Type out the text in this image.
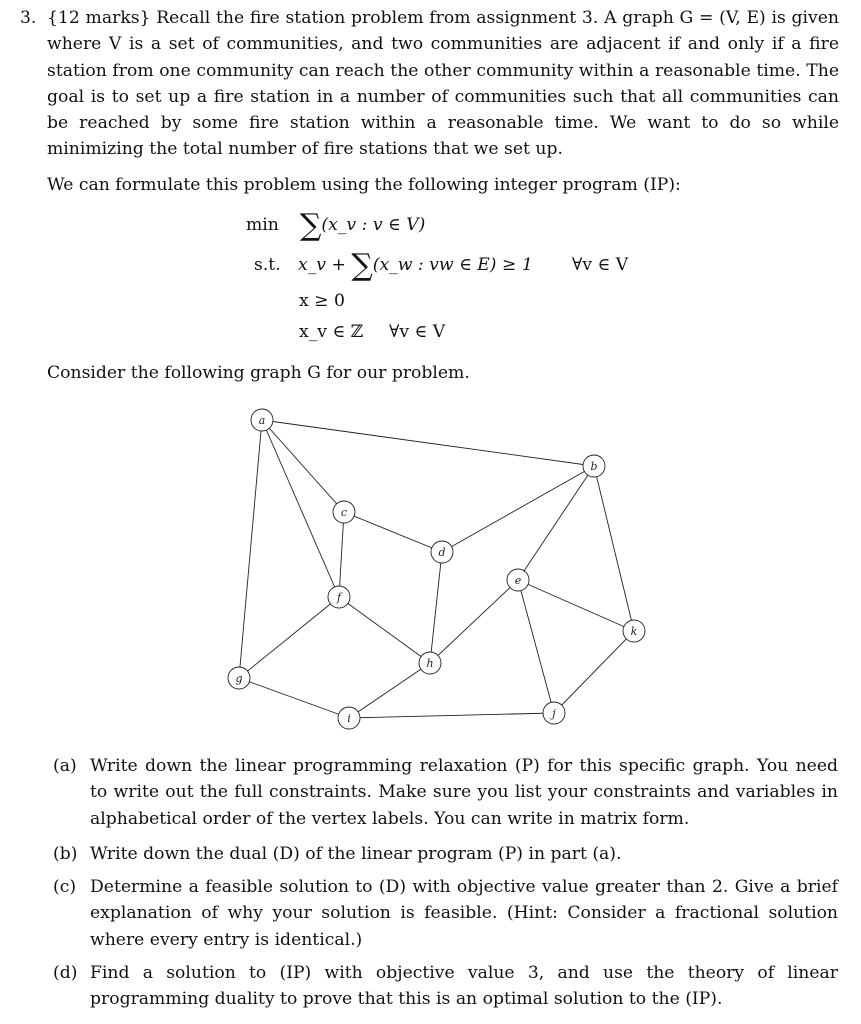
3. {12 marks} Recall the fire station problem from assignment 3. A graph G = (V, E) is given where V is a set of communities, and two communities are adjacent if and only if a fire station from one community can reach the other community within a reasonable time. The goal is to set up a fire station in a number of communities such that all communities can be reached by some fire station within a reasonable time. We want to do so while minimizing the total number of fire stations that we set up.

We can formulate this problem using the following integer program (IP):

min ∑(x_v : v ∈ V)
s.t. x_v + ∑(x_w : vw ∈ E) ≥ 1 ∀v ∈ V
x ≥ 0
x_v ∈ ℤ ∀v ∈ V

Consider the following graph G for our problem.

a
b
c
d
e
f
g
h
i	j
k
(a) Write down the linear programming relaxation (P) for this specific graph. You need to write out the full constraints. Make sure you list your constraints and variables in alphabetical order of the vertex labels. You can write in matrix form.

(b) Write down the dual (D) of the linear program (P) in part (a).

(c) Determine a feasible solution to (D) with objective value greater than 2. Give a brief explanation of why your solution is feasible. (Hint: Consider a fractional solution where every entry is identical.)

(d) Find a solution to (IP) with objective value 3, and use the theory of linear programming duality to prove that this is an optimal solution to the (IP).
